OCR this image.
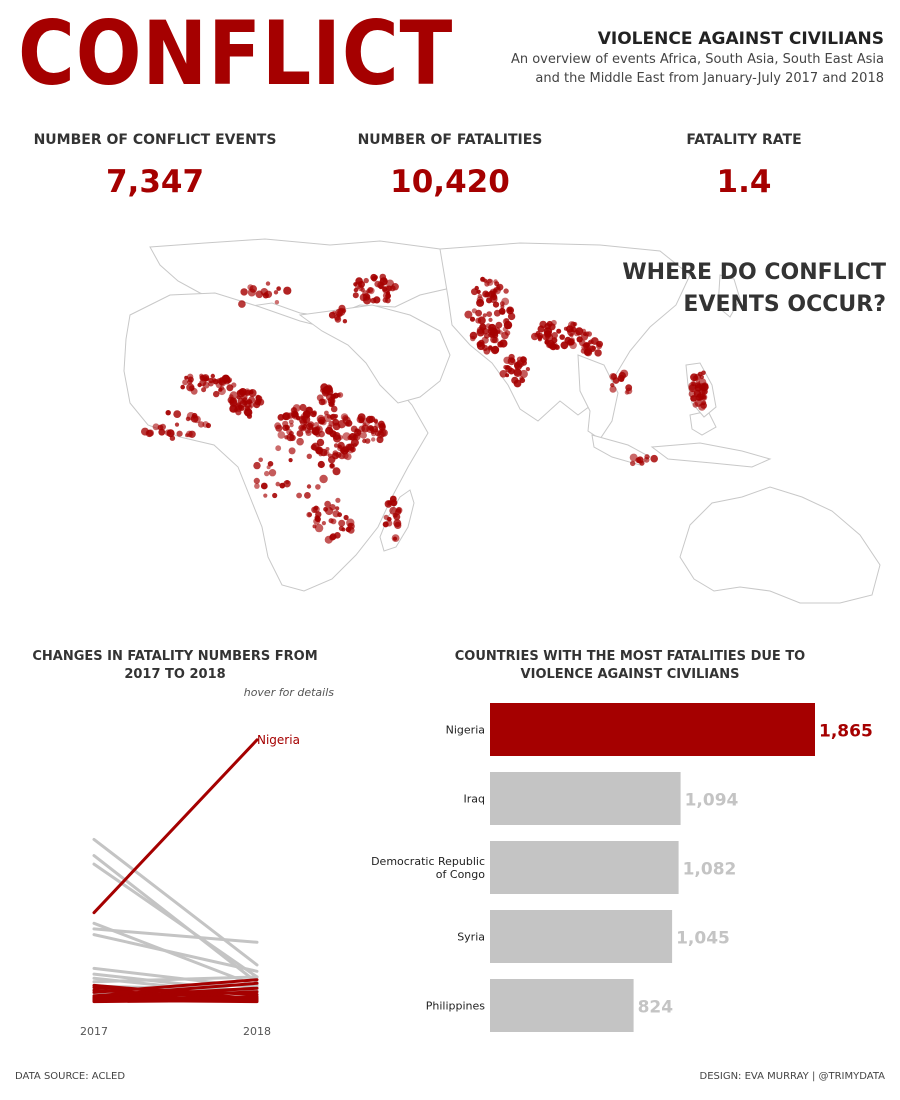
CONFLICT	VIOLENCE AGAINST CIVILIANS
An overview of events Africa, South Asia, South East Asia
and the Middle East from January-July 2017 and 2018
NUMBER OF CONFLICT EVENTS
7,347
NUMBER OF FATALITIES
10,420
FATALITY RATE
1.4
WHERE DO CONFLICT
EVENTS OCCUR?
CHANGES IN FATALITY NUMBERS FROM
2017 TO 2018
hover for details
Nigeria
2017	2018
COUNTRIES WITH THE MOST FATALITIES DUE TO
VIOLENCE AGAINST CIVILIANS
Nigeria	1,865
Iraq	1,094
Democratic Republic
of Congo	1,082
Syria	1,045
Philippines	824
DATA SOURCE: ACLED	DESIGN: EVA MURRAY | @TRIMYDATA
